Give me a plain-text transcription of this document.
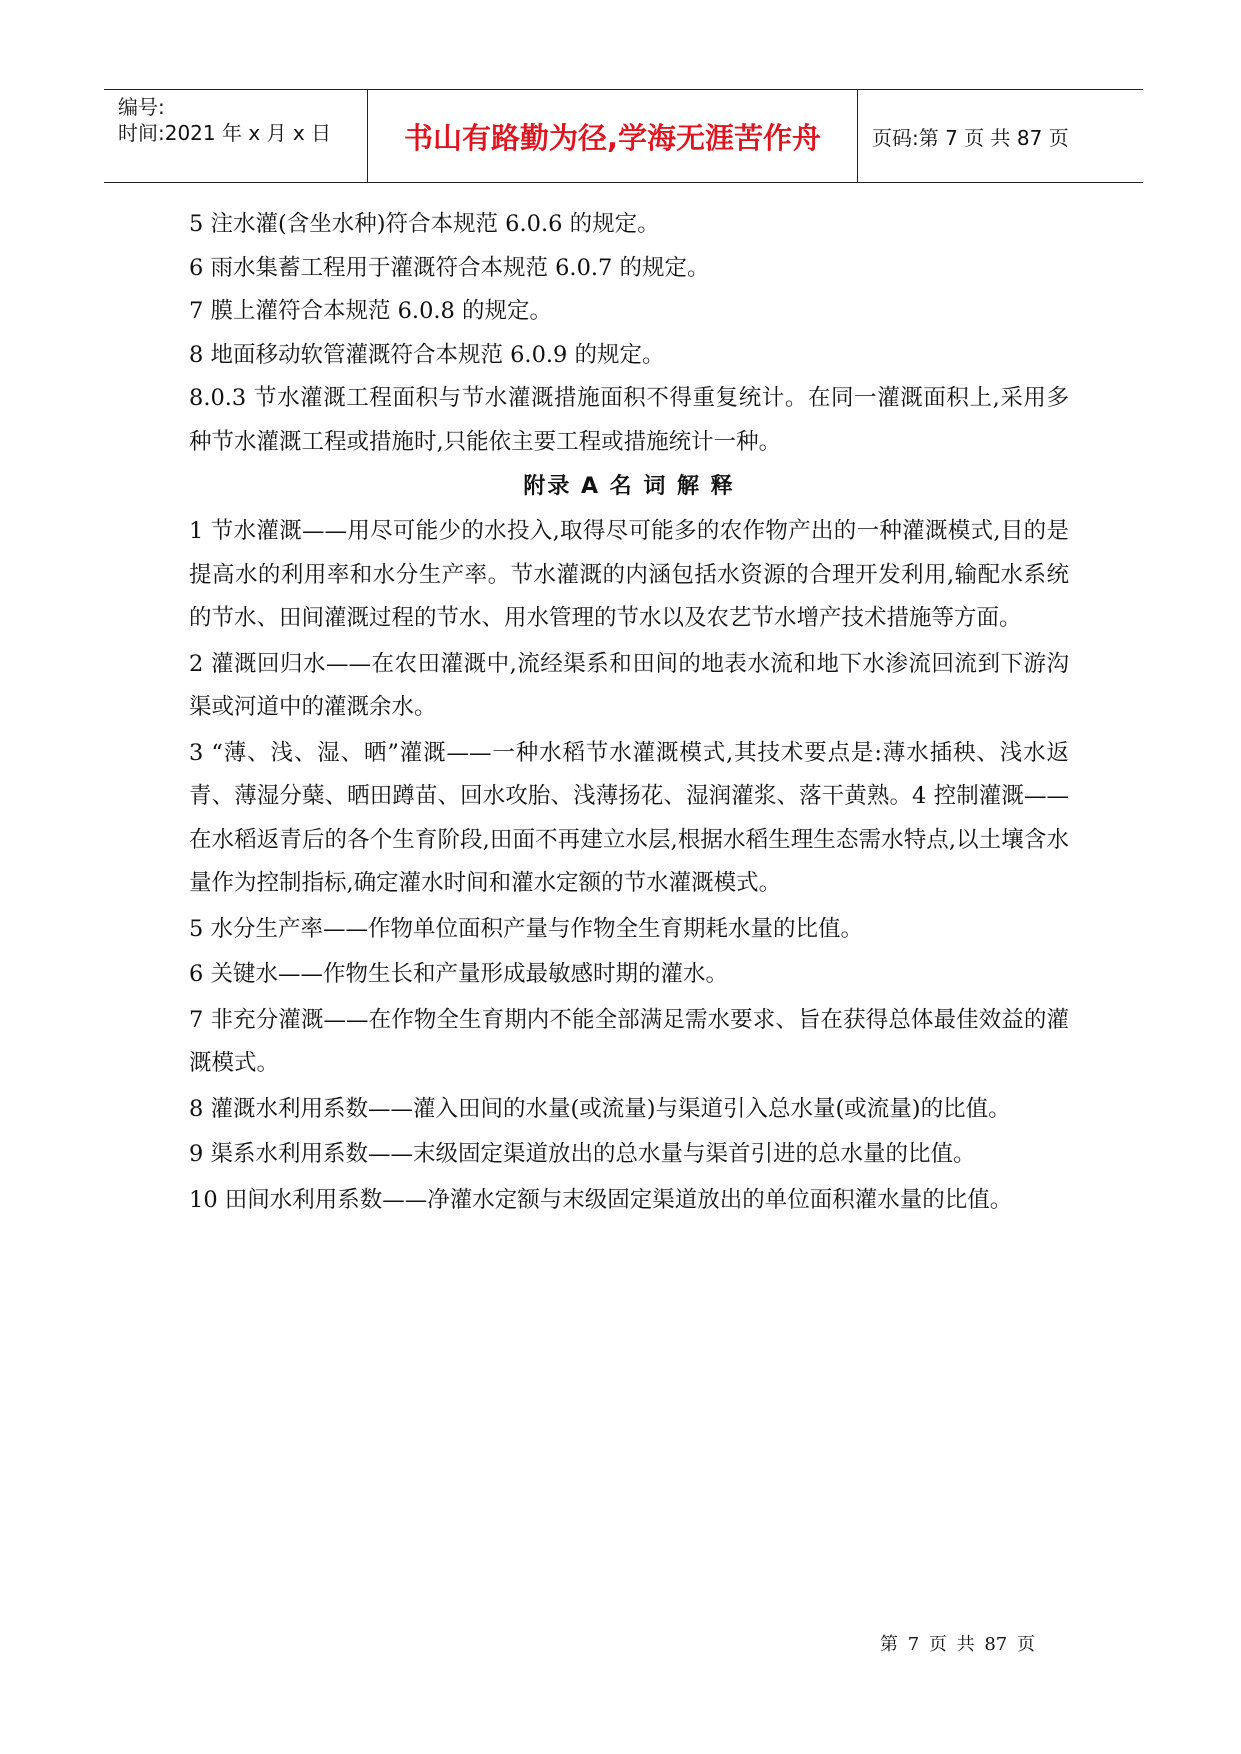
编号:
时间:2021 年 x 月 x 日	书山有路勤为径,学海无涯苦作舟	页码:第 7 页 共 87 页

5 注水灌(含坐水种)符合本规范 6.0.6 的规定。

6 雨水集蓄工程用于灌溉符合本规范 6.0.7 的规定。

7 膜上灌符合本规范 6.0.8 的规定。

8 地面移动软管灌溉符合本规范 6.0.9 的规定。

8.0.3 节水灌溉工程面积与节水灌溉措施面积不得重复统计。在同一灌溉面积上,采用多种节水灌溉工程或措施时,只能依主要工程或措施统计一种。

附录 A 名 词 解 释

1 节水灌溉——用尽可能少的水投入,取得尽可能多的农作物产出的一种灌溉模式,目的是提高水的利用率和水分生产率。节水灌溉的内涵包括水资源的合理开发利用,输配水系统的节水、田间灌溉过程的节水、用水管理的节水以及农艺节水增产技术措施等方面。

2 灌溉回归水——在农田灌溉中,流经渠系和田间的地表水流和地下水渗流回流到下游沟渠或河道中的灌溉余水。

3 “薄、浅、湿、晒”灌溉——一种水稻节水灌溉模式,其技术要点是:薄水插秧、浅水返青、薄湿分蘖、晒田蹲苗、回水攻胎、浅薄扬花、湿润灌浆、落干黄熟。4 控制灌溉——在水稻返青后的各个生育阶段,田面不再建立水层,根据水稻生理生态需水特点,以土壤含水量作为控制指标,确定灌水时间和灌水定额的节水灌溉模式。

5 水分生产率——作物单位面积产量与作物全生育期耗水量的比值。

6 关键水——作物生长和产量形成最敏感时期的灌水。

7 非充分灌溉——在作物全生育期内不能全部满足需水要求、旨在获得总体最佳效益的灌溉模式。

8 灌溉水利用系数——灌入田间的水量(或流量)与渠道引入总水量(或流量)的比值。

9 渠系水利用系数——末级固定渠道放出的总水量与渠首引进的总水量的比值。

10 田间水利用系数——净灌水定额与末级固定渠道放出的单位面积灌水量的比值。

第 7 页 共 87 页
